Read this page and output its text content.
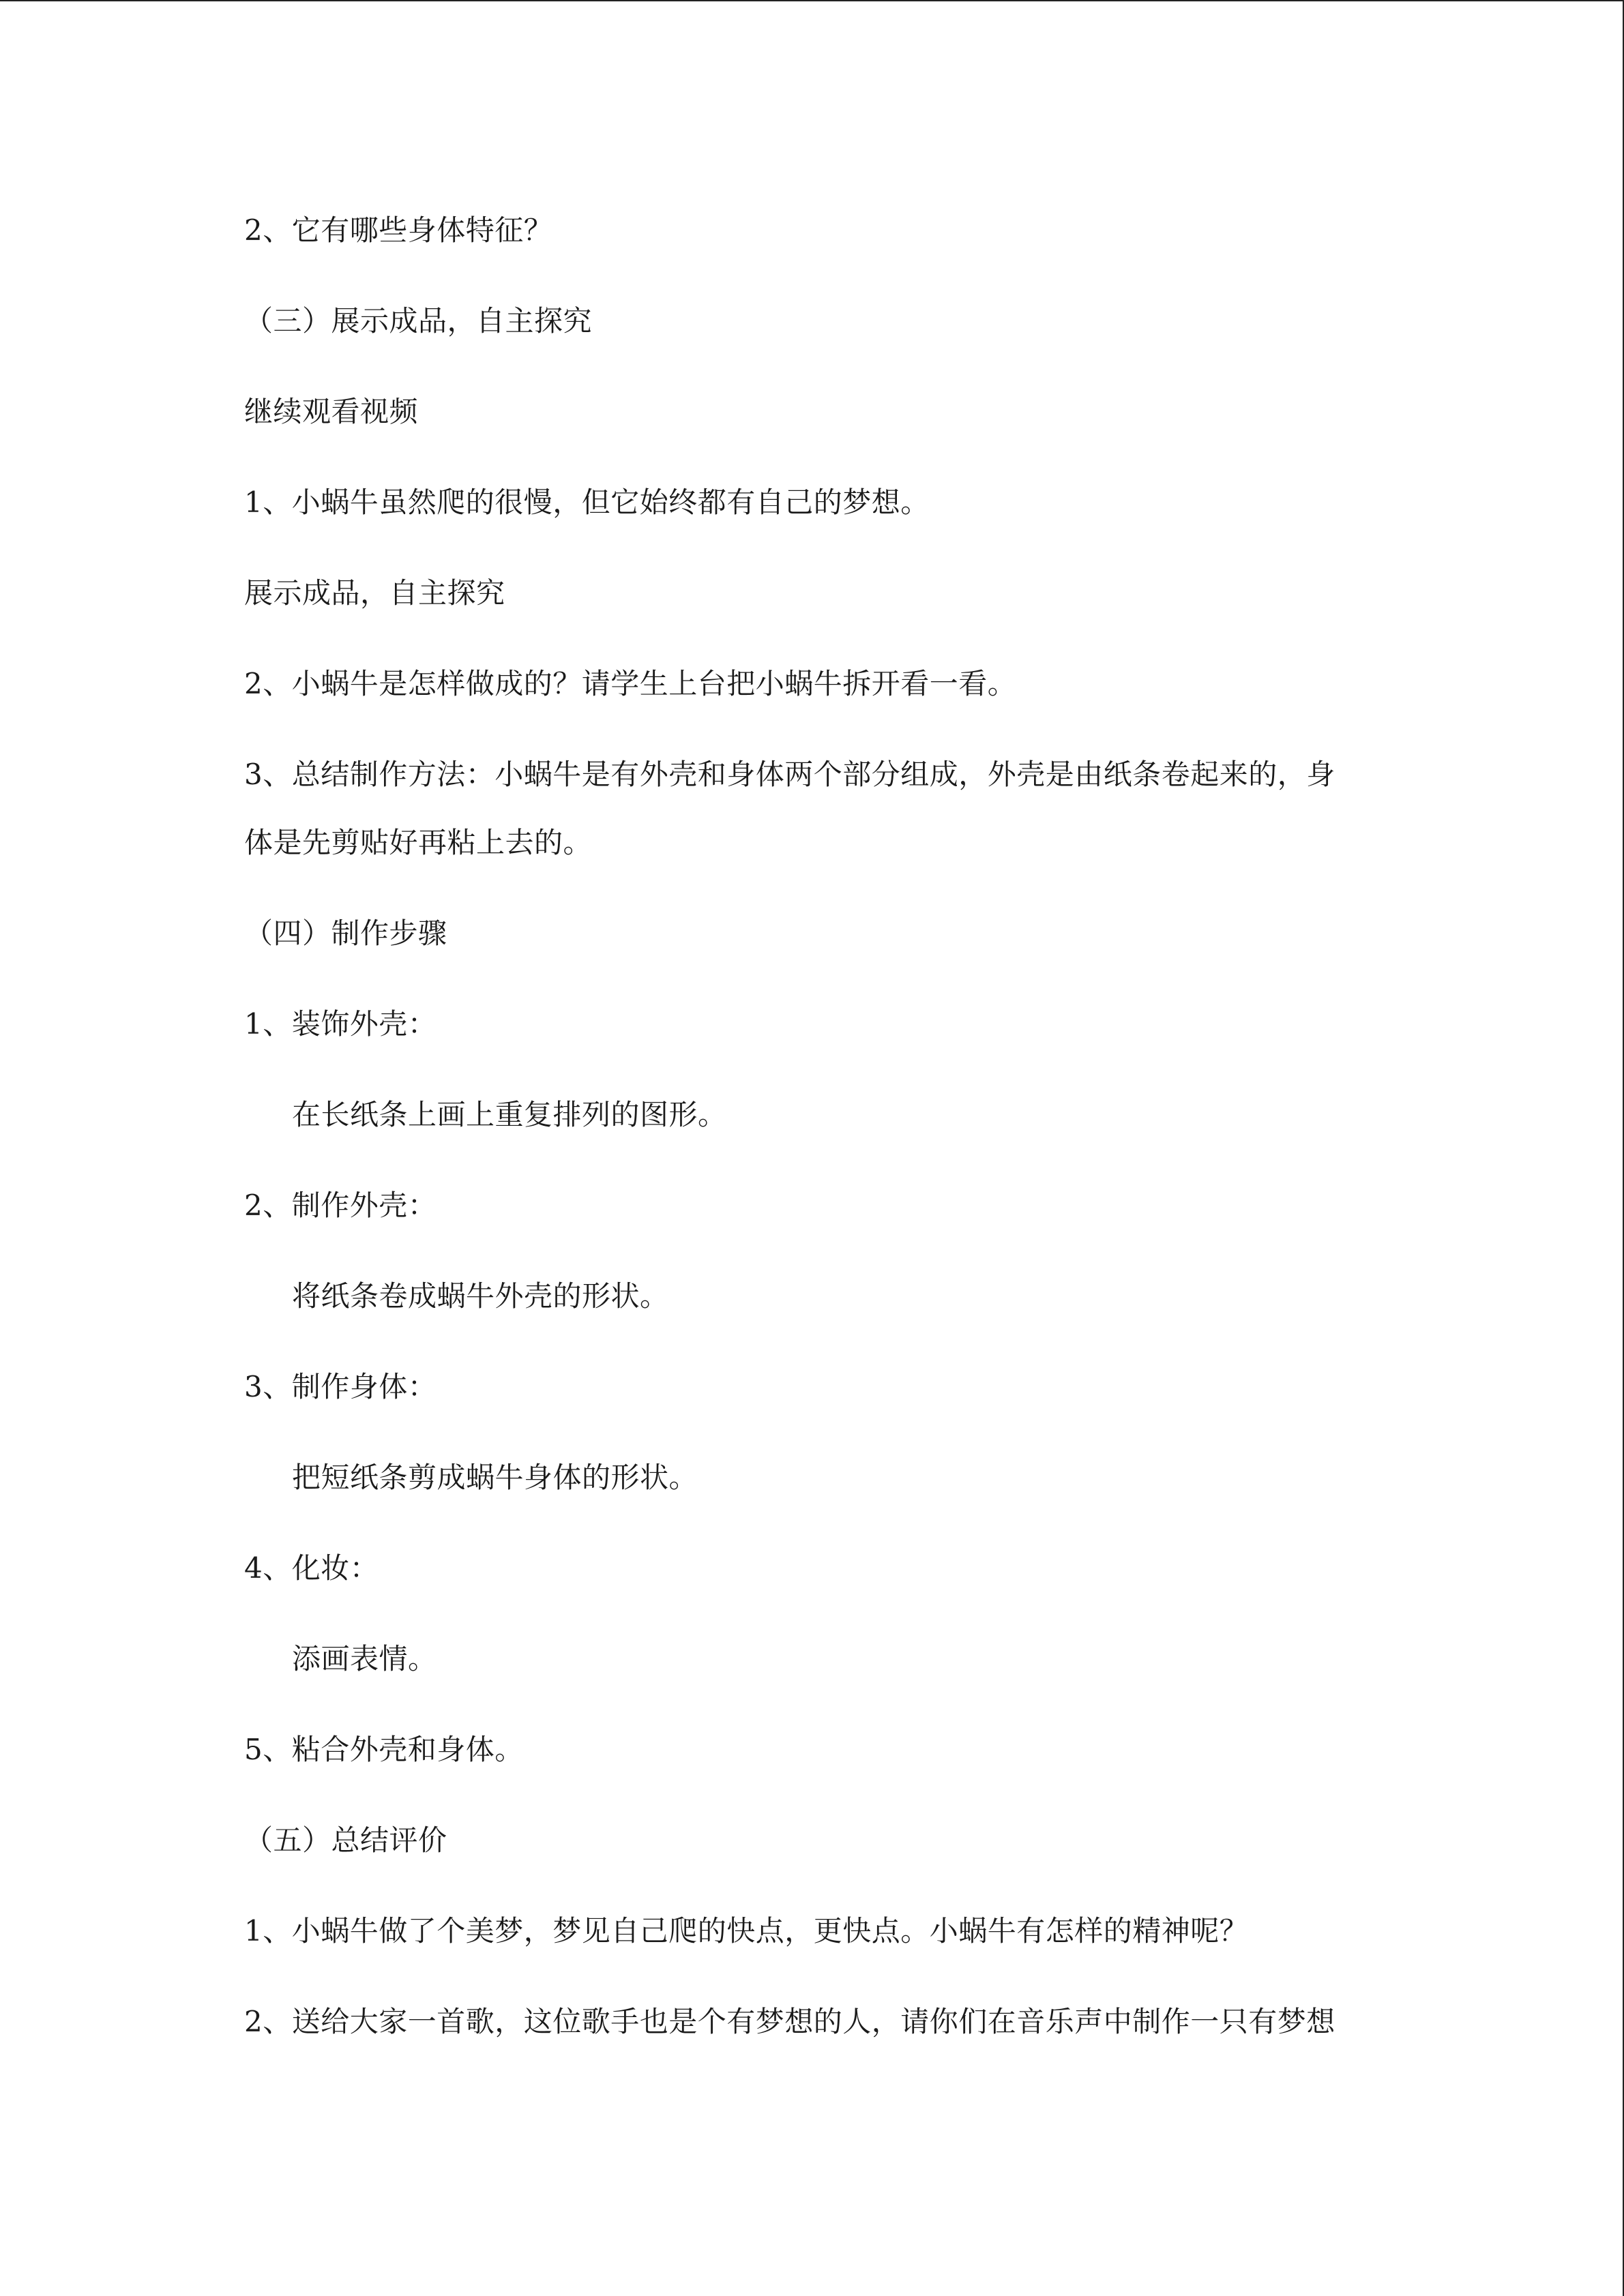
2、它有哪些身体特征？
（三）展示成品，自主探究
继续观看视频
1、小蜗牛虽然爬的很慢，但它始终都有自己的梦想。
展示成品，自主探究
2、小蜗牛是怎样做成的？请学生上台把小蜗牛拆开看一看。
3、总结制作方法：小蜗牛是有外壳和身体两个部分组成，外壳是由纸条卷起来的，身
体是先剪贴好再粘上去的。
（四）制作步骤
1、装饰外壳：
在长纸条上画上重复排列的图形。
2、制作外壳：
将纸条卷成蜗牛外壳的形状。
3、制作身体：
把短纸条剪成蜗牛身体的形状。
4、化妆：
添画表情。
5、粘合外壳和身体。
（五）总结评价
1、小蜗牛做了个美梦，梦见自己爬的快点，更快点。小蜗牛有怎样的精神呢？
2、送给大家一首歌，这位歌手也是个有梦想的人，请你们在音乐声中制作一只有梦想
